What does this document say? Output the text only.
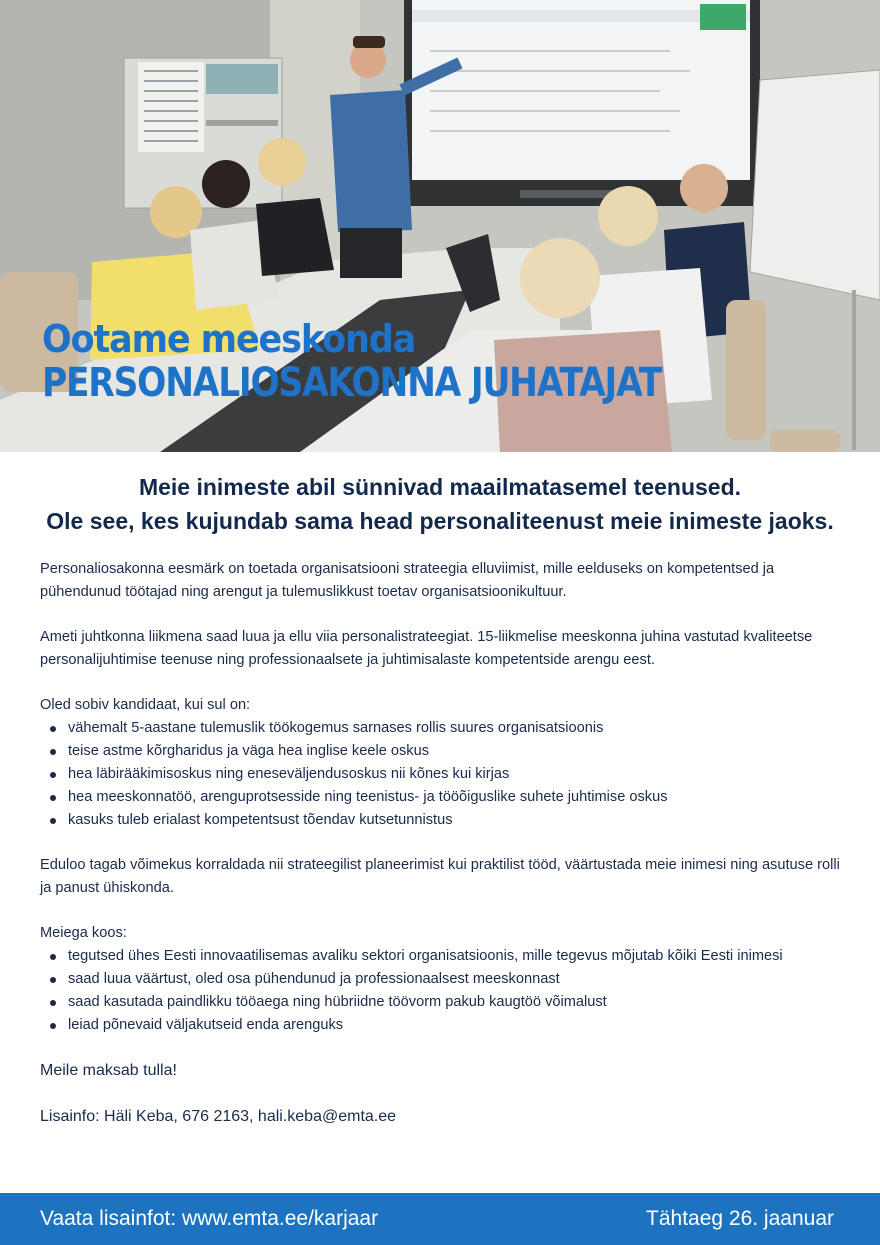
Ootame meeskonda
PERSONALIOSAKONNA JUHATAJAT
Meie inimeste abil sünnivad maailmatasemel teenused.
Ole see, kes kujundab sama head personaliteenust meie inimeste jaoks.

Personaliosakonna eesmärk on toetada organisatsiooni strateegia elluviimist, mille eelduseks on kompetentsed ja pühendunud töötajad ning arengut ja tulemuslikkust toetav organisatsioonikultuur.

Ameti juhtkonna liikmena saad luua ja ellu viia personalistrateegiat. 15-liikmelise meeskonna juhina vastutad kvaliteetse personalijuhtimise teenuse ning professionaalsete ja juhtimisalaste kompetentside arengu eest.

Oled sobiv kandidaat, kui sul on:

vähemalt 5-aastane tulemuslik töökogemus sarnases rollis suures organisatsioonis
teise astme kõrgharidus ja väga hea inglise keele oskus
hea läbirääkimisoskus ning eneseväljendusoskus nii kõnes kui kirjas
hea meeskonnatöö, arenguprotsesside ning teenistus- ja tööõiguslike suhete juhtimise oskus
kasuks tuleb erialast kompetentsust tõendav kutsetunnistus

Eduloo tagab võimekus korraldada nii strateegilist planeerimist kui praktilist tööd, väärtustada meie inimesi ning asutuse rolli ja panust ühiskonda.

Meiega koos:

tegutsed ühes Eesti innovaatilisemas avaliku sektori organisatsioonis, mille tegevus mõjutab kõiki Eesti inimesi
saad luua väärtust, oled osa pühendunud ja professionaalsest meeskonnast
saad kasutada paindlikku tööaega ning hübriidne töövorm pakub kaugtöö võimalust
leiad põnevaid väljakutseid enda arenguks

Meile maksab tulla!

Lisainfo: Häli Keba, 676 2163, hali.keba@emta.ee

Vaata lisainfot: www.emta.ee/karjaar	Tähtaeg 26. jaanuar
